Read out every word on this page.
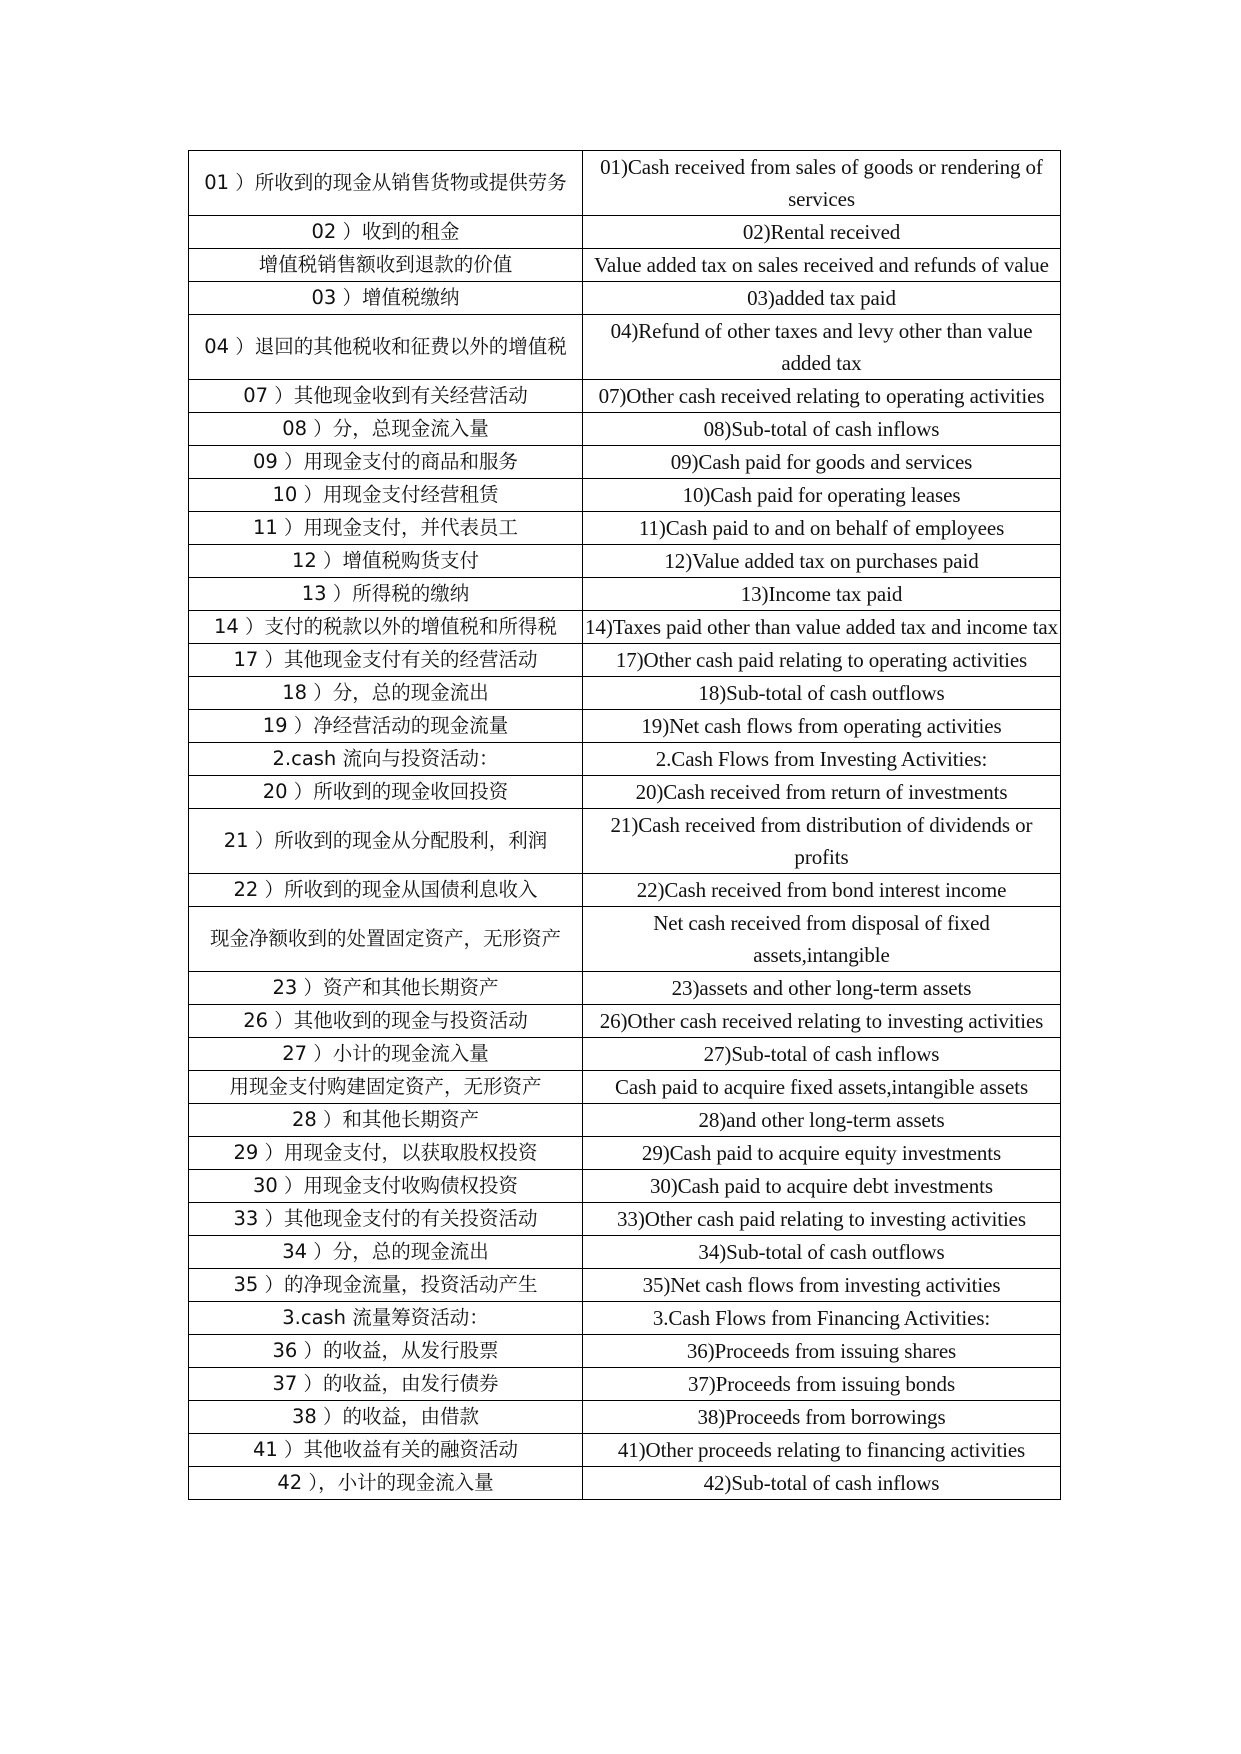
01 ）所收到的现金从销售货物或提供劳务	01)Cash received from sales of goods or rendering of services
02 ）收到的租金	02)Rental received
增值税销售额收到退款的价值	Value added tax on sales received and refunds of value
03 ）增值税缴纳	03)added tax paid
04 ）退回的其他税收和征费以外的增值税	04)Refund of other taxes and levy other than value added tax
07 ）其他现金收到有关经营活动	07)Other cash received relating to operating activities
08 ）分，总现金流入量	08)Sub-total of cash inflows
09 ）用现金支付的商品和服务	09)Cash paid for goods and services
10 ）用现金支付经营租赁	10)Cash paid for operating leases
11 ）用现金支付，并代表员工	11)Cash paid to and on behalf of employees
12 ）增值税购货支付	12)Value added tax on purchases paid
13 ）所得税的缴纳	13)Income tax paid
14 ）支付的税款以外的增值税和所得税	14)Taxes paid other than value added tax and income tax
17 ）其他现金支付有关的经营活动	17)Other cash paid relating to operating activities
18 ）分，总的现金流出	18)Sub-total of cash outflows
19 ）净经营活动的现金流量	19)Net cash flows from operating activities
2.cash 流向与投资活动：	2.Cash Flows from Investing Activities:
20 ）所收到的现金收回投资	20)Cash received from return of investments
21 ）所收到的现金从分配股利，利润	21)Cash received from distribution of dividends or profits
22 ）所收到的现金从国债利息收入	22)Cash received from bond interest income
现金净额收到的处置固定资产，无形资产	Net cash received from disposal of fixed assets,intangible
23 ）资产和其他长期资产	23)assets and other long-term assets
26 ）其他收到的现金与投资活动	26)Other cash received relating to investing activities
27 ）小计的现金流入量	27)Sub-total of cash inflows
用现金支付购建固定资产，无形资产	Cash paid to acquire fixed assets,intangible assets
28 ）和其他长期资产	28)and other long-term assets
29 ）用现金支付，以获取股权投资	29)Cash paid to acquire equity investments
30 ）用现金支付收购债权投资	30)Cash paid to acquire debt investments
33 ）其他现金支付的有关投资活动	33)Other cash paid relating to investing activities
34 ）分，总的现金流出	34)Sub-total of cash outflows
35 ）的净现金流量，投资活动产生	35)Net cash flows from investing activities
3.cash 流量筹资活动：	3.Cash Flows from Financing Activities:
36 ）的收益，从发行股票	36)Proceeds from issuing shares
37 ）的收益，由发行债券	37)Proceeds from issuing bonds
38 ）的收益，由借款	38)Proceeds from borrowings
41 ）其他收益有关的融资活动	41)Other proceeds relating to financing activities
42 ），小计的现金流入量	42)Sub-total of cash inflows
